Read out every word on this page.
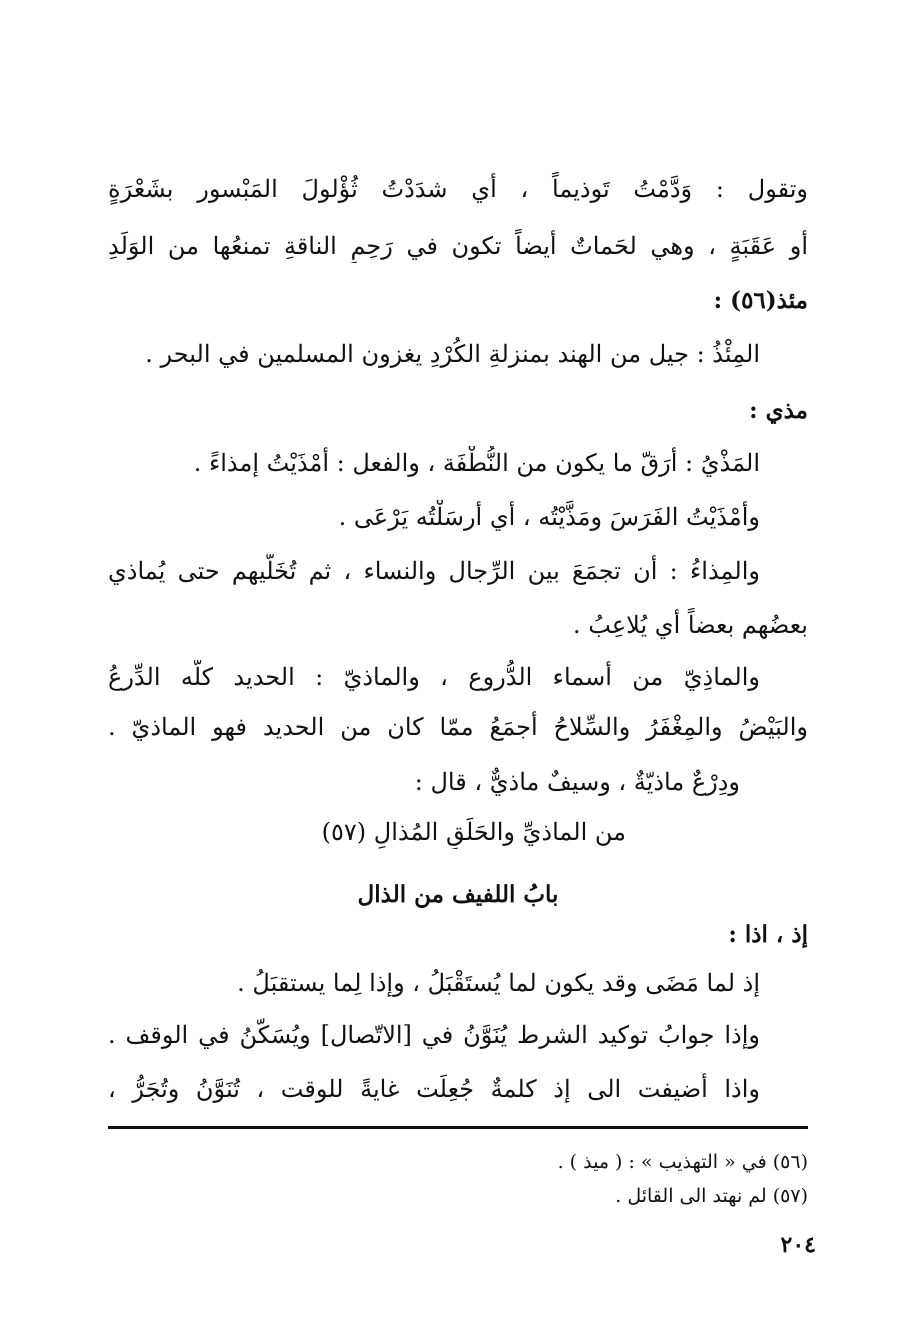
وتقول : وَدَّمْتُ تَوذيماً ، أي شدَدْتُ ثُؤْلولَ المَبْسور بشَعْرَةٍ
أو عَقَبَةٍ ، وهي لحَماتٌ أيضاً تكون في رَحِمِ الناقةِ تمنعُها من الوَلَدِ
مئذ(٥٦) :
المِئْذُ : جيل من الهند بمنزلةِ الكُرْدِ يغزون المسلمين في البحر .
مذي :
المَذْيُ : أرَقّ ما يكون من النُّطْفَة ، والفعل : أمْذَيْتُ إمذاءً .
وأمْذَيْتُ الفَرَسَ ومَذَّيْتُه ، أي أرسَلْتُه يَرْعَى .
والمِذاءُ : أن تجمَعَ بين الرِّجال والنساء ، ثم تُخَلّيهم حتى يُماذي
بعضُهم بعضاً أي يُلاعِبُ .
والماذِيّ من أسماء الدُّروع ، والماذيّ : الحديد كلّه الدِّرعُ
والبَيْضُ والمِغْفَرُ والسِّلاحُ أجمَعُ ممّا كان من الحديد فهو الماذيّ .
ودِرْعٌ ماذيّةٌ ، وسيفٌ ماذيٌّ ، قال :
من الماذيِّ والحَلَقِ المُذالِ (٥٧)
بابُ اللفيف من الذال
إذ ، اذا :
إذ لما مَضَى وقد يكون لما يُستَقْبَلُ ، وإذا لِما يستقبَلُ .
وإذا جوابُ توكيد الشرط يُنَوَّنُ في [الاتّصال] ويُسَكَّنُ في الوقف .
واذا أُضيفت الى إذ كلمةٌ جُعِلَت غايةً للوقت ، تُنَوَّنُ وتُجَرُّ ،
(٥٦) في « التهذيب » : ( ميذ ) .
(٥٧) لم نهتد الى القائل .
٢٠٤
